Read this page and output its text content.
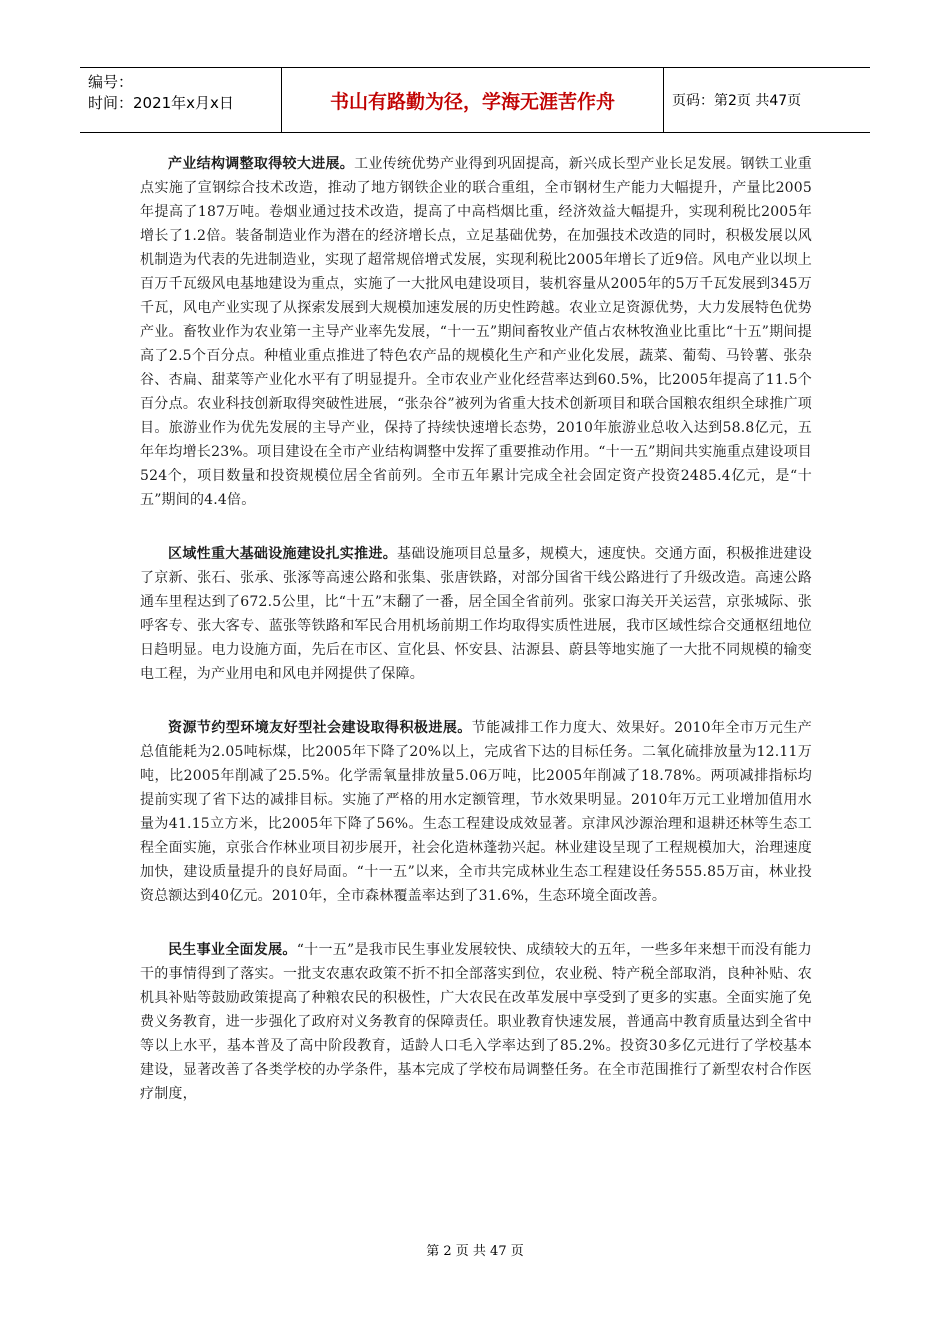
编号：
时间：2021年x月x日	书山有路勤为径，学海无涯苦作舟	页码：第2页 共47页

产业结构调整取得较大进展。工业传统优势产业得到巩固提高，新兴成长型产业长足发展。钢铁工业重点实施了宣钢综合技术改造，推动了地方钢铁企业的联合重组，全市钢材生产能力大幅提升，产量比2005年提高了187万吨。卷烟业通过技术改造，提高了中高档烟比重，经济效益大幅提升，实现利税比2005年增长了1.2倍。装备制造业作为潜在的经济增长点，立足基础优势，在加强技术改造的同时，积极发展以风机制造为代表的先进制造业，实现了超常规倍增式发展，实现利税比2005年增长了近9倍。风电产业以坝上百万千瓦级风电基地建设为重点，实施了一大批风电建设项目，装机容量从2005年的5万千瓦发展到345万千瓦，风电产业实现了从探索发展到大规模加速发展的历史性跨越。农业立足资源优势，大力发展特色优势产业。畜牧业作为农业第一主导产业率先发展，“十一五”期间畜牧业产值占农林牧渔业比重比“十五”期间提高了2.5个百分点。种植业重点推进了特色农产品的规模化生产和产业化发展，蔬菜、葡萄、马铃薯、张杂谷、杏扁、甜菜等产业化水平有了明显提升。全市农业产业化经营率达到60.5%，比2005年提高了11.5个百分点。农业科技创新取得突破性进展，“张杂谷”被列为省重大技术创新项目和联合国粮农组织全球推广项目。旅游业作为优先发展的主导产业，保持了持续快速增长态势，2010年旅游业总收入达到58.8亿元，五年年均增长23%。项目建设在全市产业结构调整中发挥了重要推动作用。“十一五”期间共实施重点建设项目524个，项目数量和投资规模位居全省前列。全市五年累计完成全社会固定资产投资2485.4亿元，是“十五”期间的4.4倍。

区域性重大基础设施建设扎实推进。基础设施项目总量多，规模大，速度快。交通方面，积极推进建设了京新、张石、张承、张涿等高速公路和张集、张唐铁路，对部分国省干线公路进行了升级改造。高速公路通车里程达到了672.5公里，比“十五”末翻了一番，居全国全省前列。张家口海关开关运营，京张城际、张呼客专、张大客专、蓝张等铁路和军民合用机场前期工作均取得实质性进展，我市区域性综合交通枢纽地位日趋明显。电力设施方面，先后在市区、宣化县、怀安县、沽源县、蔚县等地实施了一大批不同规模的输变电工程，为产业用电和风电并网提供了保障。

资源节约型环境友好型社会建设取得积极进展。节能减排工作力度大、效果好。2010年全市万元生产总值能耗为2.05吨标煤，比2005年下降了20%以上，完成省下达的目标任务。二氧化硫排放量为12.11万吨，比2005年削减了25.5%。化学需氧量排放量5.06万吨，比2005年削减了18.78%。两项减排指标均提前实现了省下达的减排目标。实施了严格的用水定额管理，节水效果明显。2010年万元工业增加值用水量为41.15立方米，比2005年下降了56%。生态工程建设成效显著。京津风沙源治理和退耕还林等生态工程全面实施，京张合作林业项目初步展开，社会化造林蓬勃兴起。林业建设呈现了工程规模加大，治理速度加快，建设质量提升的良好局面。“十一五”以来，全市共完成林业生态工程建设任务555.85万亩，林业投资总额达到40亿元。2010年，全市森林覆盖率达到了31.6%，生态环境全面改善。

民生事业全面发展。“十一五”是我市民生事业发展较快、成绩较大的五年，一些多年来想干而没有能力干的事情得到了落实。一批支农惠农政策不折不扣全部落实到位，农业税、特产税全部取消，良种补贴、农机具补贴等鼓励政策提高了种粮农民的积极性，广大农民在改革发展中享受到了更多的实惠。全面实施了免费义务教育，进一步强化了政府对义务教育的保障责任。职业教育快速发展，普通高中教育质量达到全省中等以上水平，基本普及了高中阶段教育，适龄人口毛入学率达到了85.2%。投资30多亿元进行了学校基本建设，显著改善了各类学校的办学条件，基本完成了学校布局调整任务。在全市范围推行了新型农村合作医疗制度，

第 2 页 共 47 页
